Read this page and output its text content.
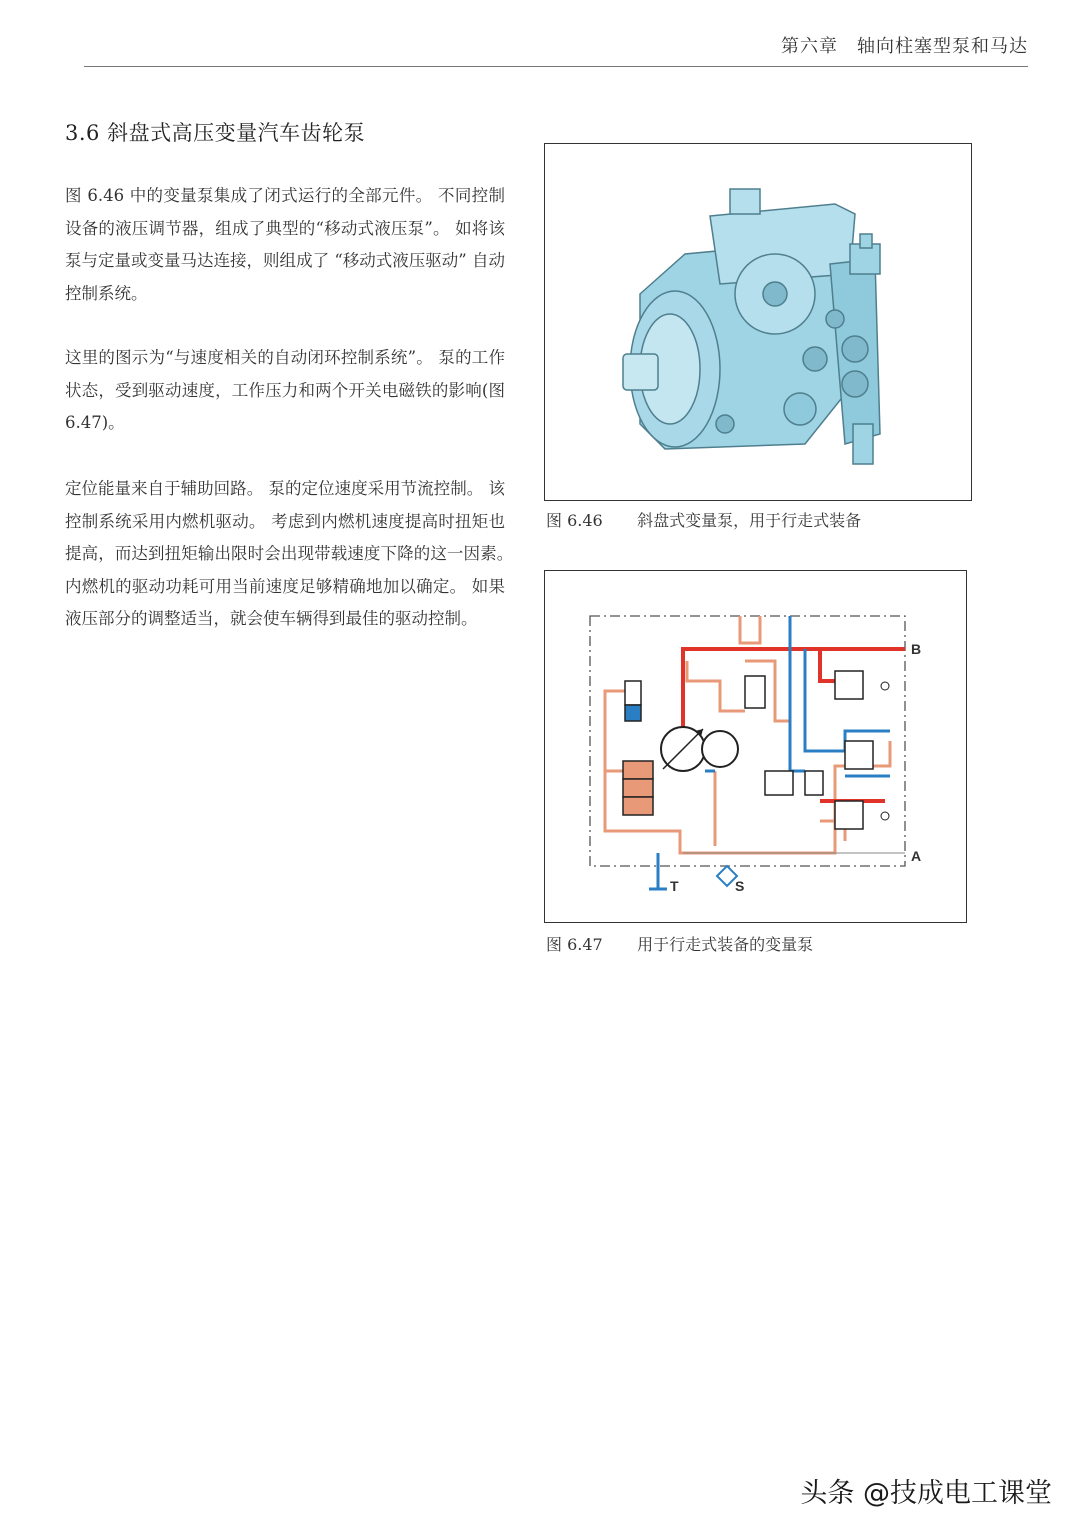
第六章　轴向柱塞型泵和马达
3.6 斜盘式高压变量汽车齿轮泵
图 6.46 中的变量泵集成了闭式运行的全部元件。 不同控制设备的液压调节器，组成了典型的“移动式液压泵”。 如将该泵与定量或变量马达连接，则组成了 “移动式液压驱动” 自动控制系统。
这里的图示为“与速度相关的自动闭环控制系统”。 泵的工作状态，受到驱动速度，工作压力和两个开关电磁铁的影响(图 6.47)。
定位能量来自于辅助回路。 泵的定位速度采用节流控制。 该控制系统采用内燃机驱动。 考虑到内燃机速度提高时扭矩也提高，而达到扭矩输出限时会出现带载速度下降的这一因素。　内燃机的驱动功耗可用当前速度足够精确地加以确定。 如果液压部分的调整适当，就会使车辆得到最佳的驱动控制。
图 6.46 斜盘式变量泵，用于行走式装备
B
A
T	S
图 6.47 用于行走式装备的变量泵
头条 @技成电工课堂
